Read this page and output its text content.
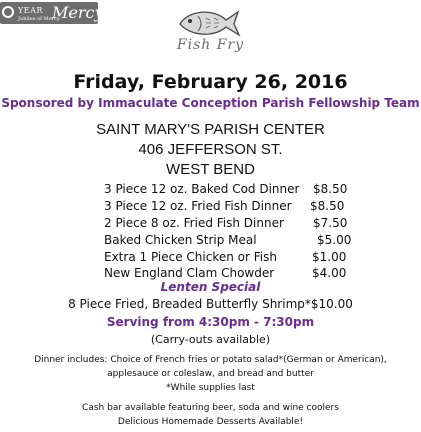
YEAR Mercy
Jubilee of Mercy
Fish Fry
Friday, February 26, 2016
Sponsored by Immaculate Conception Parish Fellowship Team
SAINT MARY'S PARISH CENTER
406 JEFFERSON ST.
WEST BEND
3 Piece 12 oz. Baked Cod Dinner $8.50
3 Piece 12 oz. Fried Fish Dinner $8.50
2 Piece 8 oz. Fried Fish Dinner $7.50
Baked Chicken Strip Meal	$5.00
Extra 1 Piece Chicken or Fish	$1.00
New England Clam Chowder	$4.00
Lenten Special
8 Piece Fried, Breaded Butterfly Shrimp*$10.00
Serving from 4:30pm - 7:30pm
(Carry-outs available)
Dinner includes: Choice of French fries or potato salad*(German or American),
applesauce or coleslaw, and bread and butter
*While supplies last
Cash bar available featuring beer, soda and wine coolers
Delicious Homemade Desserts Available!
